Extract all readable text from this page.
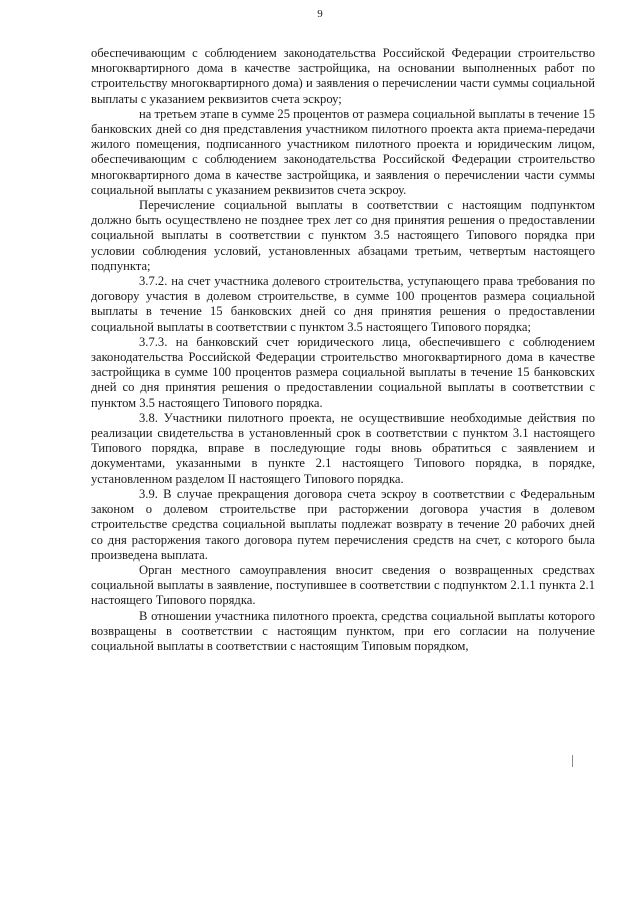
9

обеспечивающим с соблюдением законодательства Российской Федерации строительство многоквартирного дома в качестве застройщика, на основании выполненных работ по строительству многоквартирного дома) и заявления о перечислении части суммы социальной выплаты с указанием реквизитов счета эскроу;

на третьем этапе в сумме 25 процентов от размера социальной выплаты в течение 15 банковских дней со дня представления участником пилотного проекта акта приема-передачи жилого помещения, подписанного участником пилотного проекта и юридическим лицом, обеспечивающим с соблюдением законодательства Российской Федерации строительство многоквартирного дома в качестве застройщика, и заявления о перечислении части суммы социальной выплаты с указанием реквизитов счета эскроу.

Перечисление социальной выплаты в соответствии с настоящим подпунктом должно быть осуществлено не позднее трех лет со дня принятия решения о предоставлении социальной выплаты в соответствии с пунктом 3.5 настоящего Типового порядка при условии соблюдения условий, установленных абзацами третьим, четвертым настоящего подпункта;

3.7.2. на счет участника долевого строительства, уступающего права требования по договору участия в долевом строительстве, в сумме 100 процентов размера социальной выплаты в течение 15 банковских дней со дня принятия решения о предоставлении социальной выплаты в соответствии с пунктом 3.5 настоящего Типового порядка;

3.7.3. на банковский счет юридического лица, обеспечившего с соблюдением законодательства Российской Федерации строительство многоквартирного дома в качестве застройщика в сумме 100 процентов размера социальной выплаты в течение 15 банковских дней со дня принятия решения о предоставлении социальной выплаты в соответствии с пунктом 3.5 настоящего Типового порядка.

3.8. Участники пилотного проекта, не осуществившие необходимые действия по реализации свидетельства в установленный срок в соответствии с пунктом 3.1 настоящего Типового порядка, вправе в последующие годы вновь обратиться с заявлением и документами, указанными в пункте 2.1 настоящего Типового порядка, в порядке, установленном разделом II настоящего Типового порядка.

3.9. В случае прекращения договора счета эскроу в соответствии с Федеральным законом о долевом строительстве при расторжении договора участия в долевом строительстве средства социальной выплаты подлежат возврату в течение 20 рабочих дней со дня расторжения такого договора путем перечисления средств на счет, с которого была произведена выплата.

Орган местного самоуправления вносит сведения о возвращенных средствах социальной выплаты в заявление, поступившее в соответствии с подпунктом 2.1.1 пункта 2.1 настоящего Типового порядка.

В отношении участника пилотного проекта, средства социальной выплаты которого возвращены в соответствии с настоящим пунктом, при его согласии на получение социальной выплаты в соответствии с настоящим Типовым порядком,
